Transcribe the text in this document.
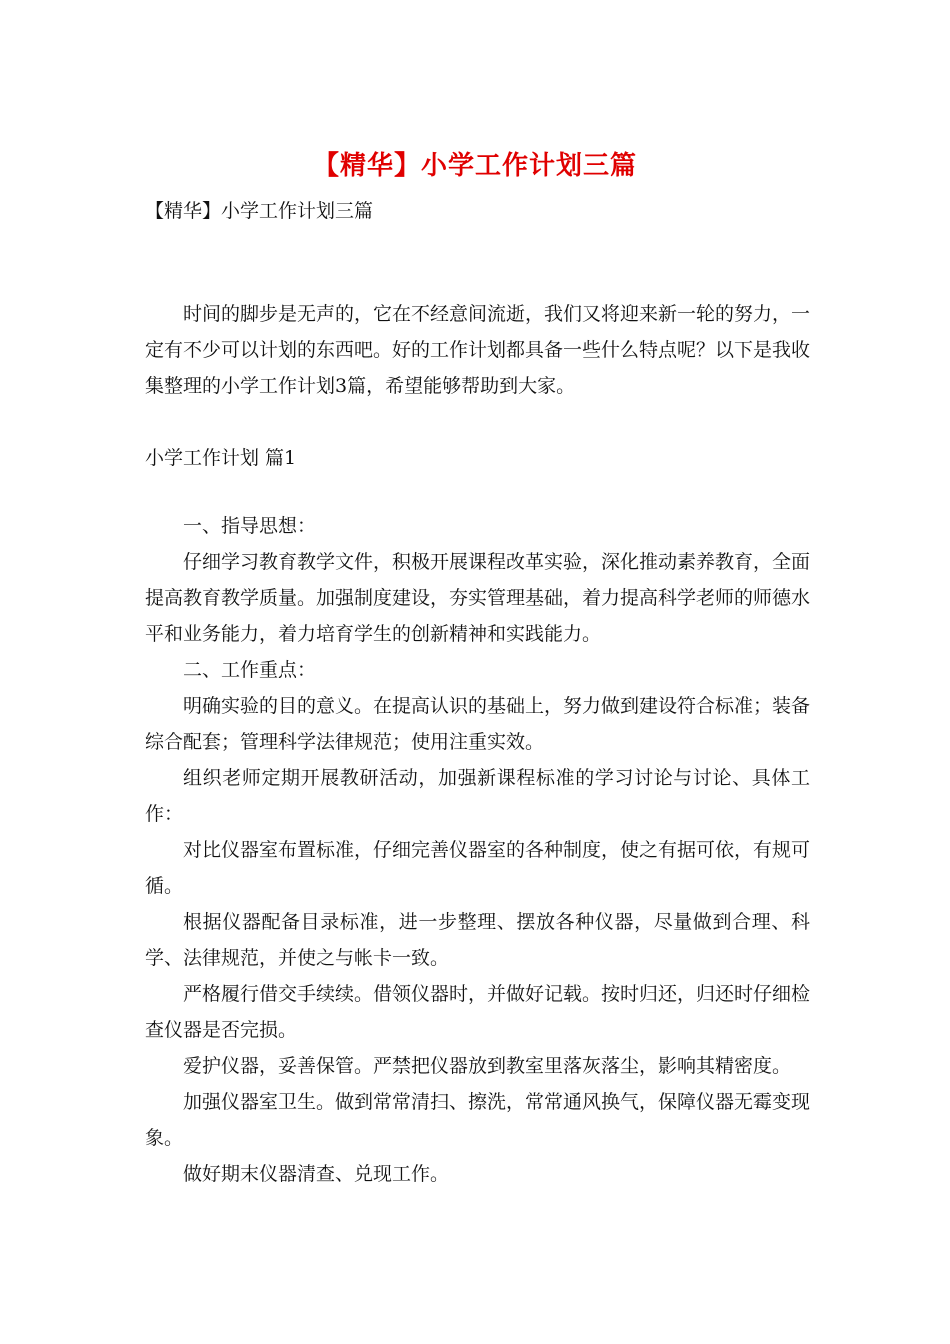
【精华】小学工作计划三篇
【精华】小学工作计划三篇

时间的脚步是无声的，它在不经意间流逝，我们又将迎来新一轮的努力，一定有不少可以计划的东西吧。好的工作计划都具备一些什么特点呢？以下是我收集整理的小学工作计划3篇，希望能够帮助到大家。

小学工作计划 篇1

一、指导思想：

仔细学习教育教学文件，积极开展课程改革实验，深化推动素养教育，全面提高教育教学质量。加强制度建设，夯实管理基础，着力提高科学老师的师德水平和业务能力，着力培育学生的创新精神和实践能力。

二、工作重点：

明确实验的目的意义。在提高认识的基础上，努力做到建设符合标准；装备综合配套；管理科学法律规范；使用注重实效。

组织老师定期开展教研活动，加强新课程标准的学习讨论与讨论、具体工作：

对比仪器室布置标准，仔细完善仪器室的各种制度，使之有据可依，有规可循。

根据仪器配备目录标准，进一步整理、摆放各种仪器，尽量做到合理、科学、法律规范，并使之与帐卡一致。

严格履行借交手续续。借领仪器时，并做好记载。按时归还，归还时仔细检查仪器是否完损。

爱护仪器，妥善保管。严禁把仪器放到教室里落灰落尘，影响其精密度。

加强仪器室卫生。做到常常清扫、擦洗，常常通风换气，保障仪器无霉变现象。

做好期末仪器清查、兑现工作。
